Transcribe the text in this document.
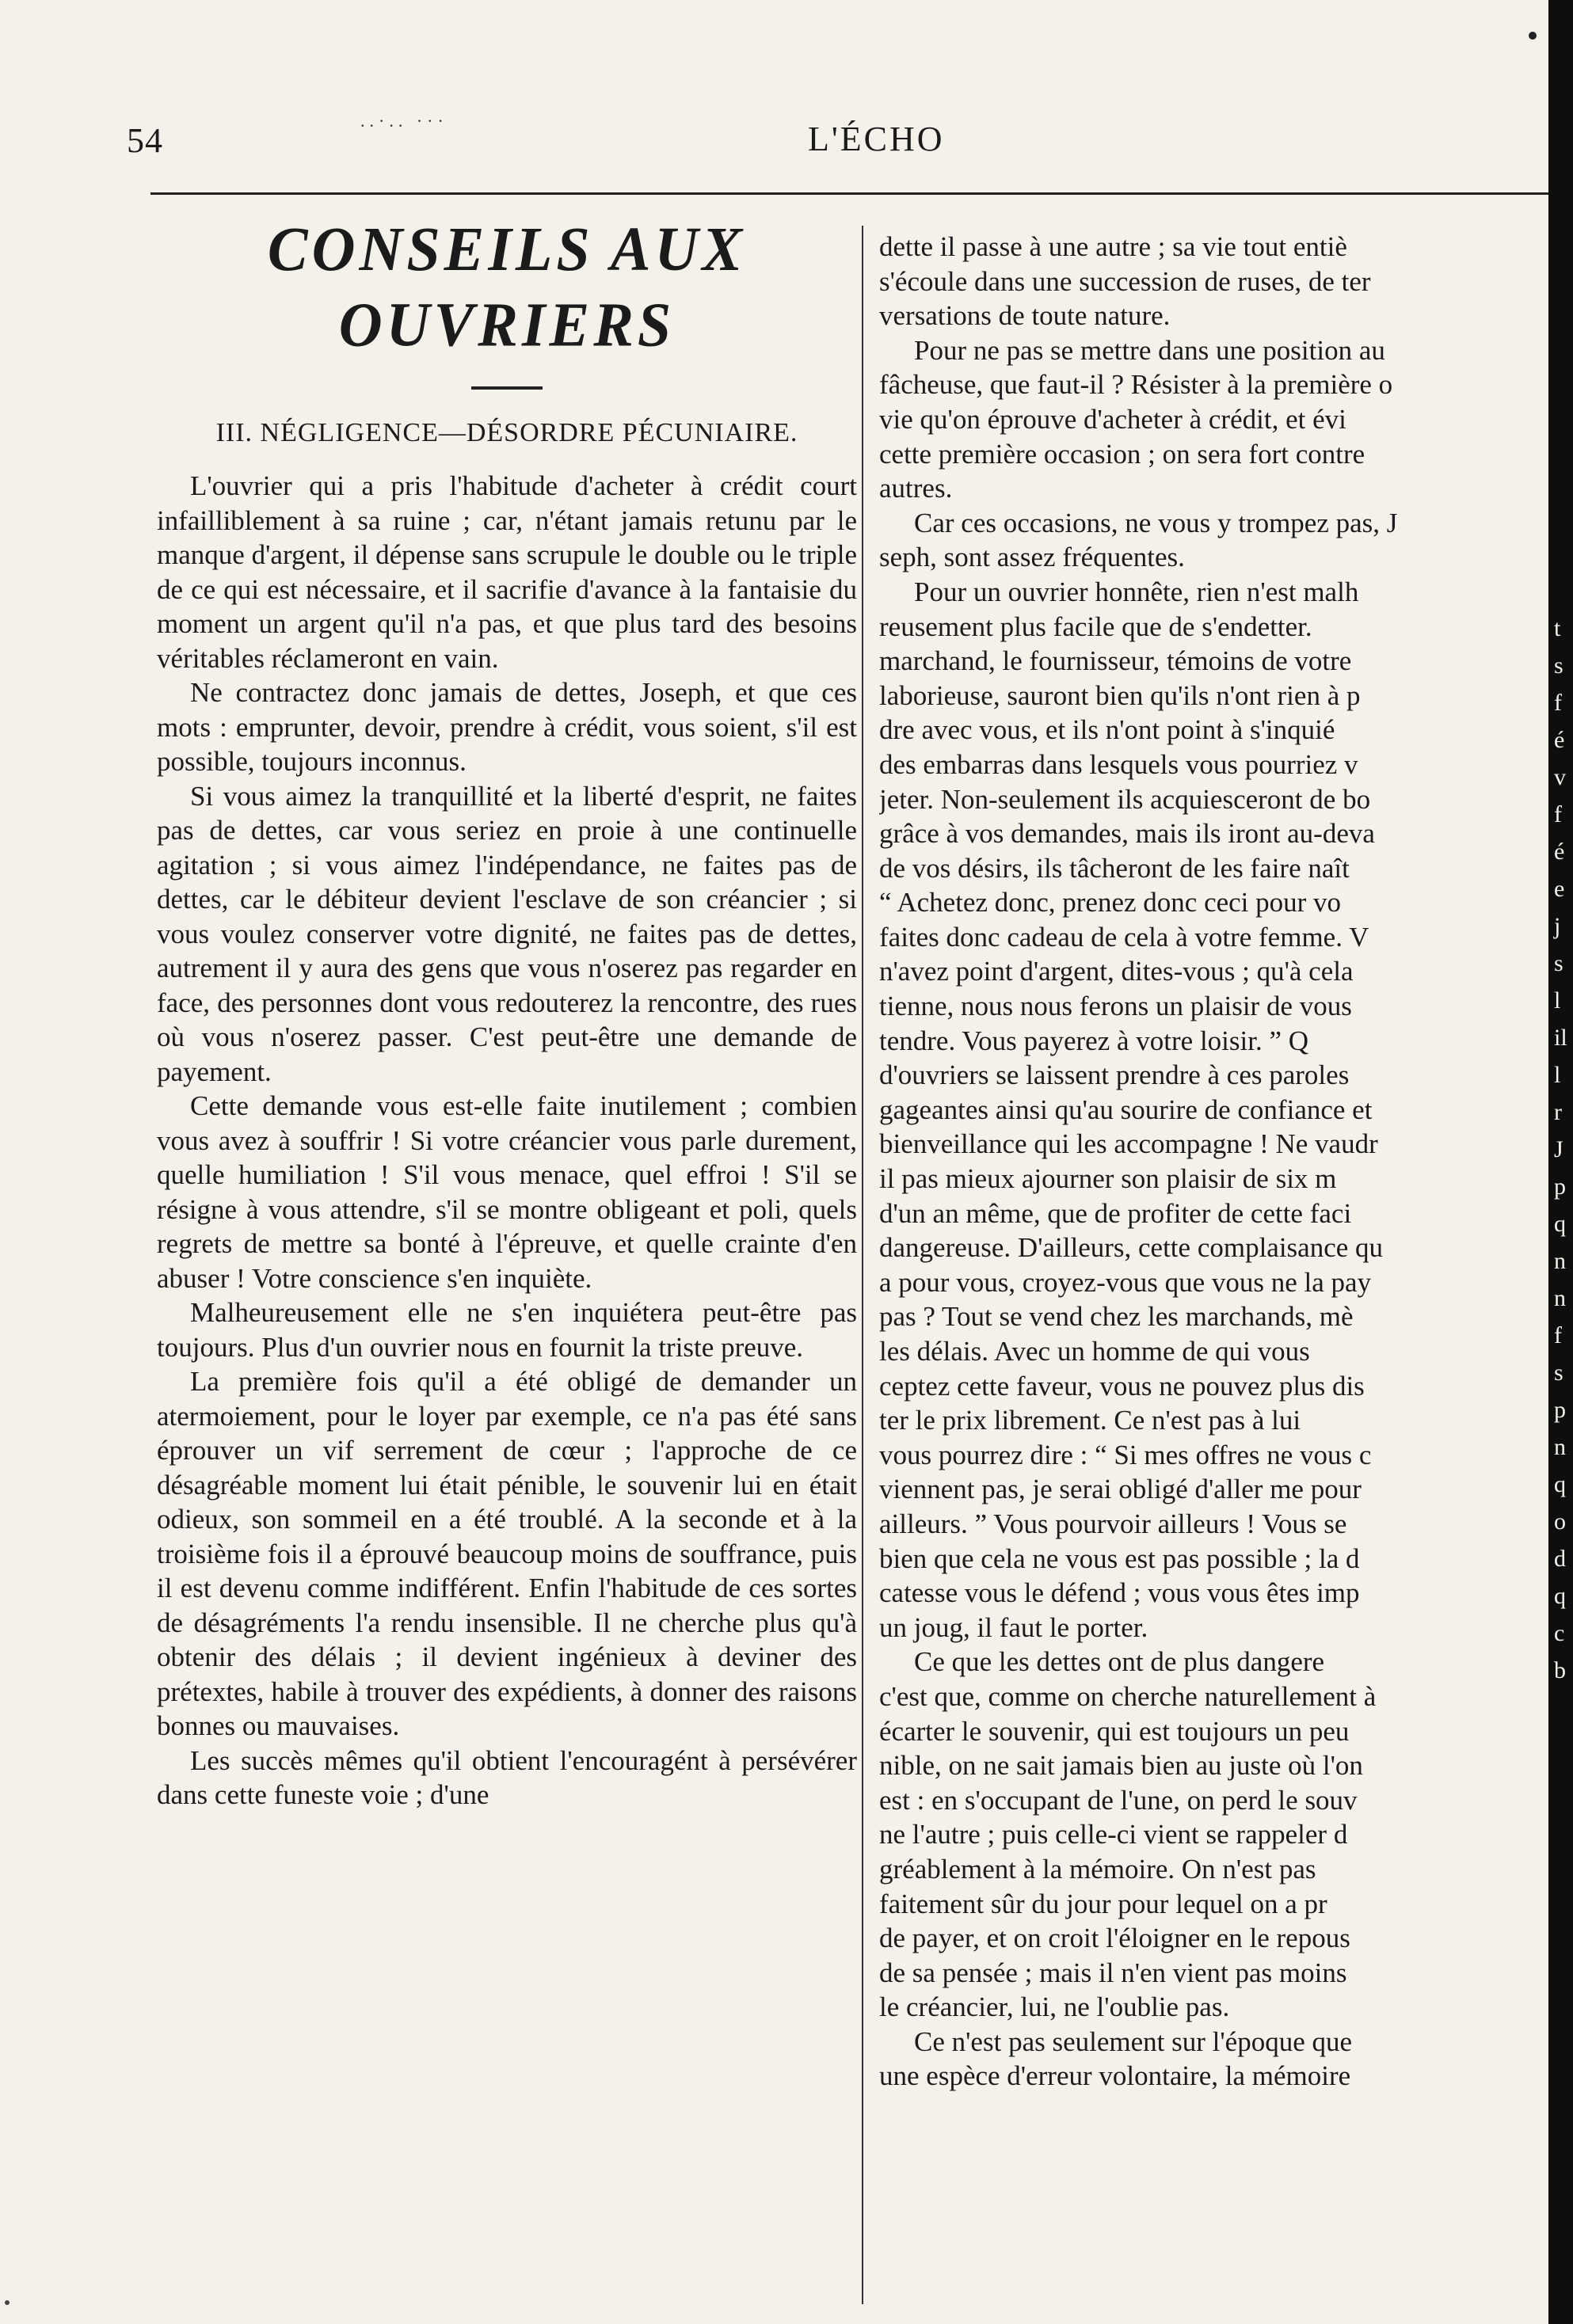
54
..·.. ···	L'ÉCHO
CONSEILS AUX OUVRIERS
III. NÉGLIGENCE—DÉSORDRE PÉCUNIAIRE.

L'ouvrier qui a pris l'habitude d'acheter à crédit court infailliblement à sa ruine ; car, n'étant jamais retunu par le manque d'argent, il dépense sans scrupule le double ou le triple de ce qui est nécessaire, et il sacrifie d'avance à la fantaisie du moment un argent qu'il n'a pas, et que plus tard des besoins véritables réclameront en vain.

Ne contractez donc jamais de dettes, Joseph, et que ces mots : emprunter, devoir, prendre à crédit, vous soient, s'il est possible, toujours inconnus.

Si vous aimez la tranquillité et la liberté d'esprit, ne faites pas de dettes, car vous seriez en proie à une continuelle agitation ; si vous aimez l'indépendance, ne faites pas de dettes, car le débiteur devient l'esclave de son créancier ; si vous voulez conserver votre dignité, ne faites pas de dettes, autrement il y aura des gens que vous n'oserez pas regarder en face, des personnes dont vous redouterez la rencontre, des rues où vous n'oserez passer. C'est peut-être une demande de payement.

Cette demande vous est-elle faite inutilement ; combien vous avez à souffrir ! Si votre créancier vous parle durement, quelle humiliation ! S'il vous menace, quel effroi ! S'il se résigne à vous attendre, s'il se montre obligeant et poli, quels regrets de mettre sa bonté à l'épreuve, et quelle crainte d'en abuser ! Votre conscience s'en inquiète.

Malheureusement elle ne s'en inquiétera peut-être pas toujours. Plus d'un ouvrier nous en fournit la triste preuve.

La première fois qu'il a été obligé de demander un atermoiement, pour le loyer par exemple, ce n'a pas été sans éprouver un vif serrement de cœur ; l'approche de ce désagréable moment lui était pénible, le souvenir lui en était odieux, son sommeil en a été troublé. A la seconde et à la troisième fois il a éprouvé beaucoup moins de souffrance, puis il est devenu comme indifférent. Enfin l'habitude de ces sortes de désagréments l'a rendu insensible. Il ne cherche plus qu'à obtenir des délais ; il devient ingénieux à deviner des prétextes, habile à trouver des expédients, à donner des raisons bonnes ou mauvaises.

Les succès mêmes qu'il obtient l'encouragént à persévérer dans cette funeste voie ; d'une

dette il passe à une autre ; sa vie tout entiè
s'écoule dans une succession de ruses, de ter
versations de toute nature.
Pour ne pas se mettre dans une position au
fâcheuse, que faut-il ? Résister à la première o
vie qu'on éprouve d'acheter à crédit, et évi
cette première occasion ; on sera fort contre
autres.
Car ces occasions, ne vous y trompez pas, J
seph, sont assez fréquentes.
Pour un ouvrier honnête, rien n'est malh
reusement plus facile que de s'endetter.
marchand, le fournisseur, témoins de votre
laborieuse, sauront bien qu'ils n'ont rien à p
dre avec vous, et ils n'ont point à s'inquié
des embarras dans lesquels vous pourriez v
jeter. Non-seulement ils acquiesceront de bo
grâce à vos demandes, mais ils iront au-deva
de vos désirs, ils tâcheront de les faire naît
“ Achetez donc, prenez donc ceci pour vo
faites donc cadeau de cela à votre femme. V
n'avez point d'argent, dites-vous ; qu'à cela
tienne, nous nous ferons un plaisir de vous
tendre. Vous payerez à votre loisir. ” Q
d'ouvriers se laissent prendre à ces paroles
gageantes ainsi qu'au sourire de confiance et
bienveillance qui les accompagne ! Ne vaudr
il pas mieux ajourner son plaisir de six m
d'un an même, que de profiter de cette faci
dangereuse. D'ailleurs, cette complaisance qu
a pour vous, croyez-vous que vous ne la pay
pas ? Tout se vend chez les marchands, mè
les délais. Avec un homme de qui vous
ceptez cette faveur, vous ne pouvez plus dis
ter le prix librement. Ce n'est pas à lui
vous pourrez dire : “ Si mes offres ne vous c
viennent pas, je serai obligé d'aller me pour
ailleurs. ” Vous pourvoir ailleurs ! Vous se
bien que cela ne vous est pas possible ; la d
catesse vous le défend ; vous vous êtes imp
un joug, il faut le porter.
Ce que les dettes ont de plus dangere
c'est que, comme on cherche naturellement à
écarter le souvenir, qui est toujours un peu
nible, on ne sait jamais bien au juste où l'on
est : en s'occupant de l'une, on perd le souv
ne l'autre ; puis celle-ci vient se rappeler d
gréablement à la mémoire. On n'est pas
faitement sûr du jour pour lequel on a pr
de payer, et on croit l'éloigner en le repous
de sa pensée ; mais il n'en vient pas moins
le créancier, lui, ne l'oublie pas.
Ce n'est pas seulement sur l'époque que
une espèce d'erreur volontaire, la mémoire
t
s
f
é
v
f
é
e
j
s
l
il
l
r
J
p
q
n
n
f
s
p
n
q
o
d
q
c
b
